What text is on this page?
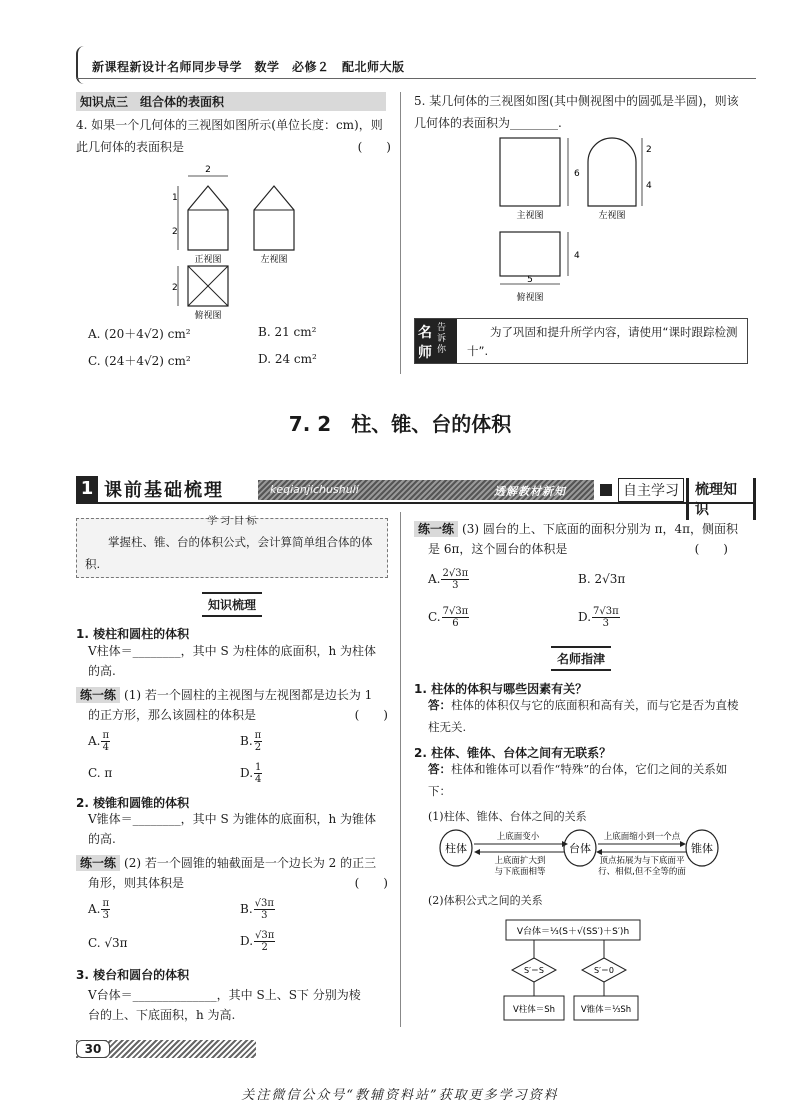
新课程新设计名师同步导学　数学　必修２　配北师大版
知识点三　组合体的表面积
4. 如果一个几何体的三视图如图所示(单位长度：cm)，则此几何体的表面积是	(　　)
2
1
2
正视图	左视图
2
俯视图
A. (20＋4√2) cm²	B. 21 cm²
C. (24＋4√2) cm²	D. 24 cm²
5. 某几何体的三视图如图(其中侧视图中的圆弧是半圆)，则该几何体的表面积为________.
6
主视图
2
4
左视图
4
5
俯视图
名
师
告诉你
为了巩固和提升所学内容，请使用“课时跟踪检测十”.
7. 2　柱、锥、台的体积
1 课前基础梳理	keqianjichushuli	透解教材新知	自主学习	梳理知识
学 习 目 标
掌握柱、锥、台的体积公式，会计算简单组合体的体积.
知识梳理
1. 棱柱和圆柱的体积
V柱体＝________，其中 S 为柱体的底面积，h 为柱体
的高.
练一练 (1) 若一个圆柱的主视图与左视图都是边长为 1
的正方形，那么该圆柱的体积是	(　　)
A. $\frac{\pi}{4}$	B. $\frac{\pi}{2}$
C. π	D. $\frac{1}{4}$
2. 棱锥和圆锥的体积
V锥体＝________，其中 S 为锥体的底面积，h 为锥体
的高.
练一练 (2) 若一个圆锥的轴截面是一个边长为 2 的正三
角形，则其体积是	(　　)
A. $\frac{\pi}{3}$	B. $\frac{√3\pi}{3}$
C. √3π	D. $\frac{√3\pi}{2}$
3. 棱台和圆台的体积
V台体＝______________，其中 S上、S下 分别为棱
台的上、下底面积，h 为高.
练一练 (3) 圆台的上、下底面的面积分别为 π，4π，侧面积
是 6π，这个圆台的体积是	(　　)
A. $\frac{2√3\pi}{3}$	B. 2√3π
C. $\frac{7√3\pi}{6}$	D. $\frac{7√3\pi}{3}$
名师指津
1. 柱体的体积与哪些因素有关？
答：柱体的体积仅与它的底面积和高有关，而与它是否为直棱柱无关.
2. 柱体、锥体、台体之间有无联系？
答：柱体和锥体可以看作“特殊”的台体，它们之间的关系如下：
(1)柱体、锥体、台体之间的关系
柱体	台体	锥体
上底面变小
上底面扩大到
与下底面相等
上底面缩小到一个点
顶点拓展为与下底面平
行、相似,但不全等的面
(2)体积公式之间的关系
V台体＝⅓(S＋√(SS′)＋S′)h
S′＝S	S′＝0
V柱体＝Sh	V锥体＝⅓Sh
30
关注微信公众号“教辅资料站”获取更多学习资料
